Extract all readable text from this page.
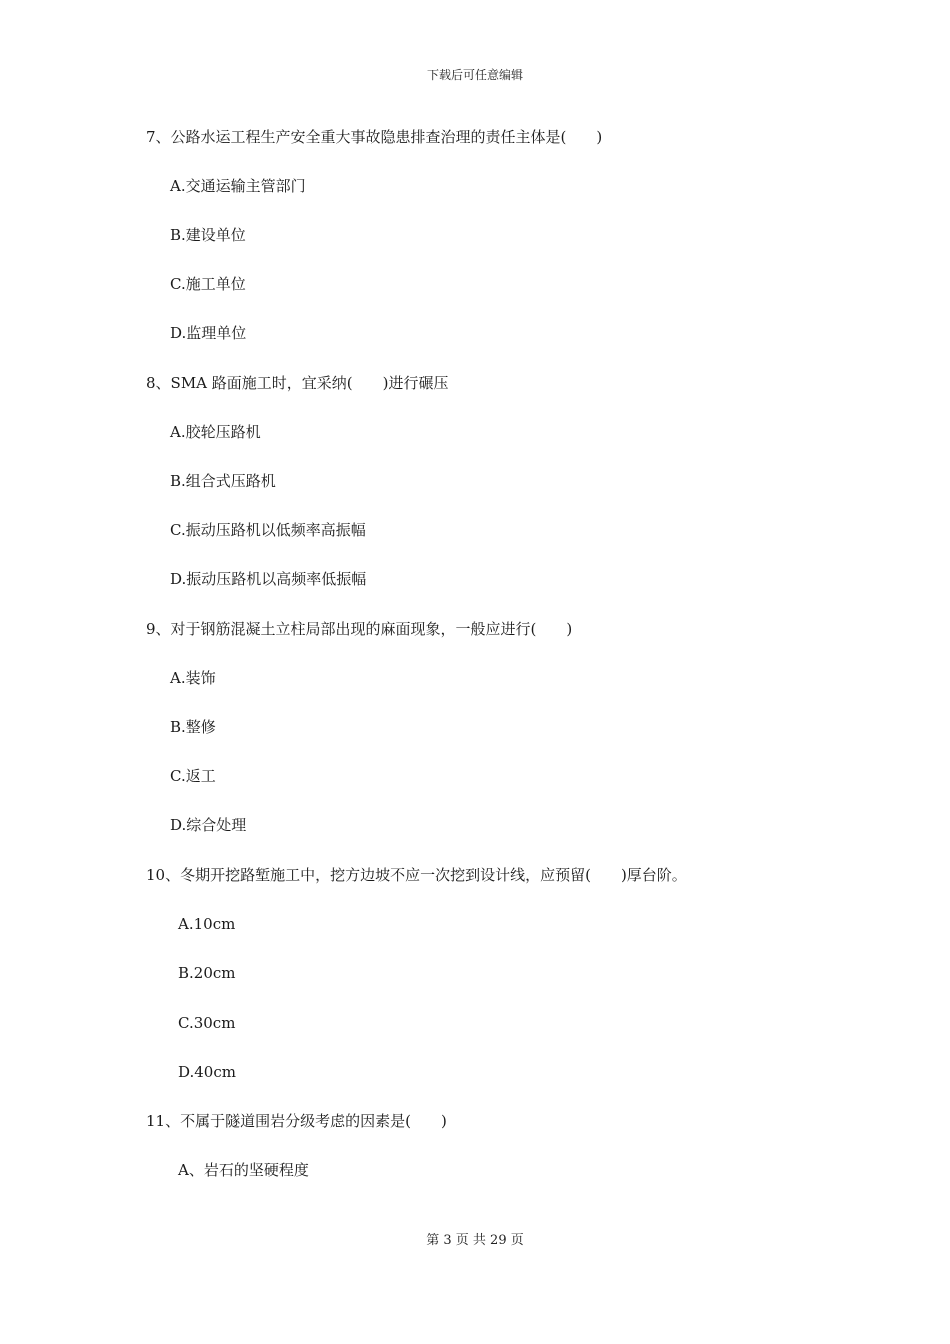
下载后可任意编辑
7、公路水运工程生产安全重大事故隐患排查治理的责任主体是(　　)
A.交通运输主管部门
B.建设单位
C.施工单位
D.监理单位
8、SMA 路面施工时，宜采纳(　　)进行碾压
A.胶轮压路机
B.组合式压路机
C.振动压路机以低频率高振幅
D.振动压路机以高频率低振幅
9、对于钢筋混凝土立柱局部出现的麻面现象，一般应进行(　　)
A.装饰
B.整修
C.返工
D.综合处理
10、冬期开挖路堑施工中，挖方边坡不应一次挖到设计线，应预留(　　)厚台阶。
A.10cm
B.20cm
C.30cm
D.40cm
11、不属于隧道围岩分级考虑的因素是(　　)
A、岩石的坚硬程度
第 3 页 共 29 页
